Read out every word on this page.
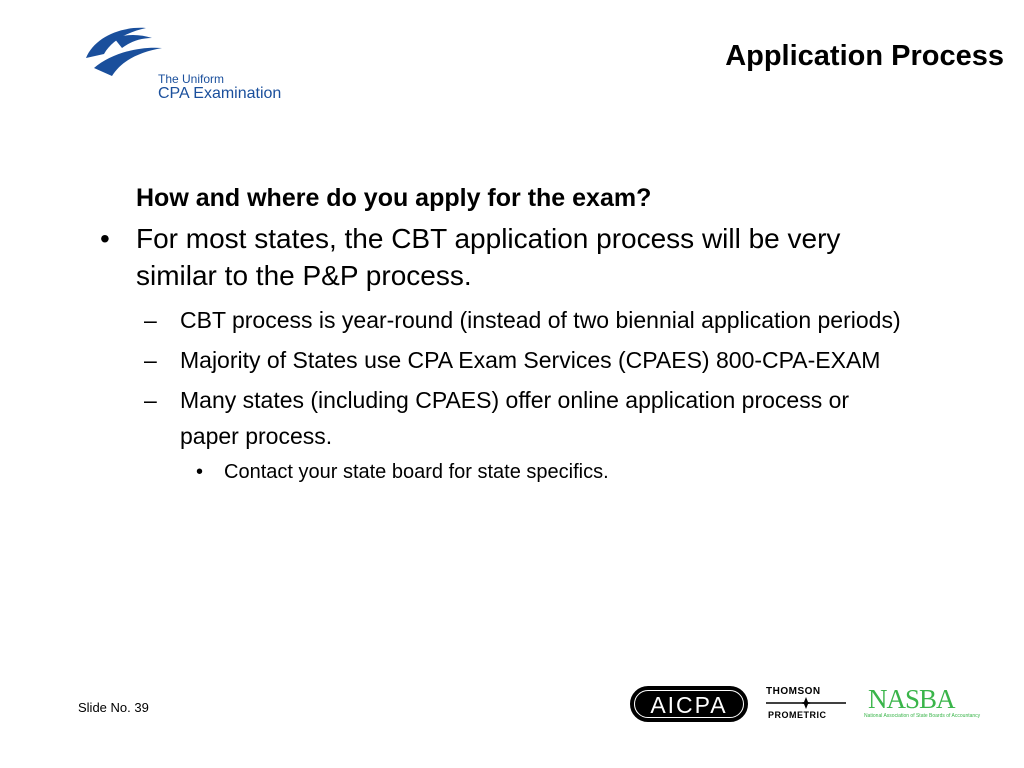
The Uniform
CPA Examination
Application Process
How and where do you apply for the exam?
• For most states, the CBT application process will be very similar to the P&P process.
–	CBT process is year-round (instead of two biennial application periods)
–	Majority of States use CPA Exam Services (CPAES) 800-CPA-EXAM
–	Many states (including CPAES) offer online application process or paper process.
•	Contact your state board for state specifics.
Slide No. 39	AICPA
THOMSON
PROMETRIC
NASBA
National Association of State Boards of Accountancy
